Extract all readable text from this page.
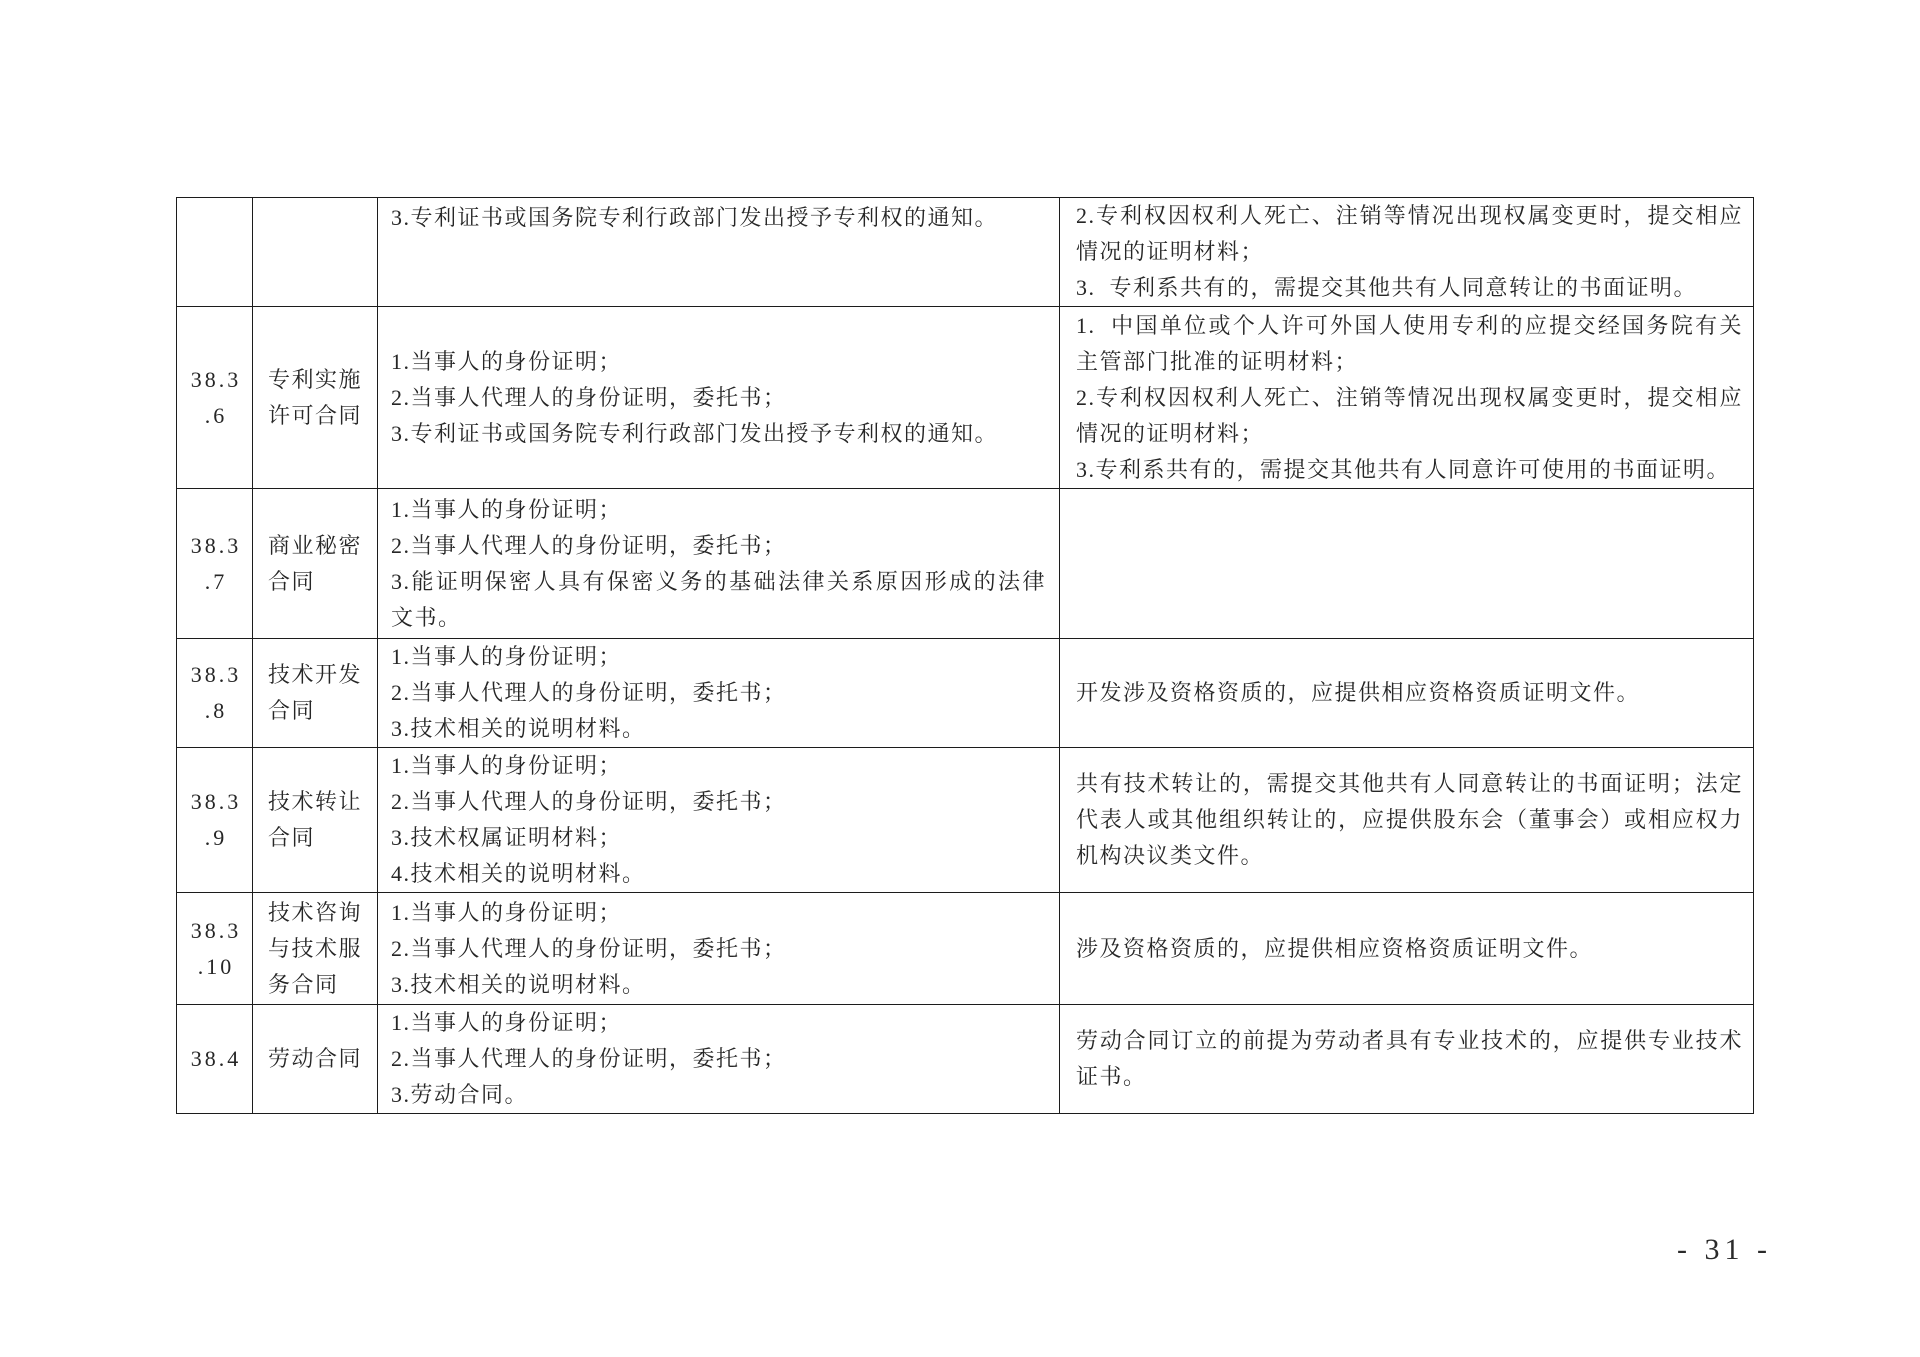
		3.专利证书或国务院专利行政部门发出授予专利权的通知。	2.专利权因权利人死亡、注销等情况出现权属变更时，提交相应
情况的证明材料；
3.  专利系共有的，需提交其他共有人同意转让的书面证明。

38.3
.6	专利实施
许可合同	1.当事人的身份证明；
2.当事人代理人的身份证明，委托书；
3.专利证书或国务院专利行政部门发出授予专利权的通知。	1.  中国单位或个人许可外国人使用专利的应提交经国务院有关
主管部门批准的证明材料；
2.专利权因权利人死亡、注销等情况出现权属变更时，提交相应
情况的证明材料；
3.专利系共有的，需提交其他共有人同意许可使用的书面证明。

38.3
.7	商业秘密
合同	1.当事人的身份证明；
2.当事人代理人的身份证明，委托书；
3.能证明保密人具有保密义务的基础法律关系原因形成的法律
文书。	

38.3
.8	技术开发
合同	1.当事人的身份证明；
2.当事人代理人的身份证明，委托书；
3.技术相关的说明材料。	开发涉及资格资质的，应提供相应资格资质证明文件。

38.3
.9	技术转让
合同	1.当事人的身份证明；
2.当事人代理人的身份证明，委托书；
3.技术权属证明材料；
4.技术相关的说明材料。	共有技术转让的，需提交其他共有人同意转让的书面证明；法定
代表人或其他组织转让的，应提供股东会（董事会）或相应权力
机构决议类文件。

38.3
.10	技术咨询
与技术服
务合同	1.当事人的身份证明；
2.当事人代理人的身份证明，委托书；
3.技术相关的说明材料。	涉及资格资质的，应提供相应资格资质证明文件。

38.4	劳动合同	1.当事人的身份证明；
2.当事人代理人的身份证明，委托书；
3.劳动合同。	劳动合同订立的前提为劳动者具有专业技术的，应提供专业技术
证书。
- 31 -
